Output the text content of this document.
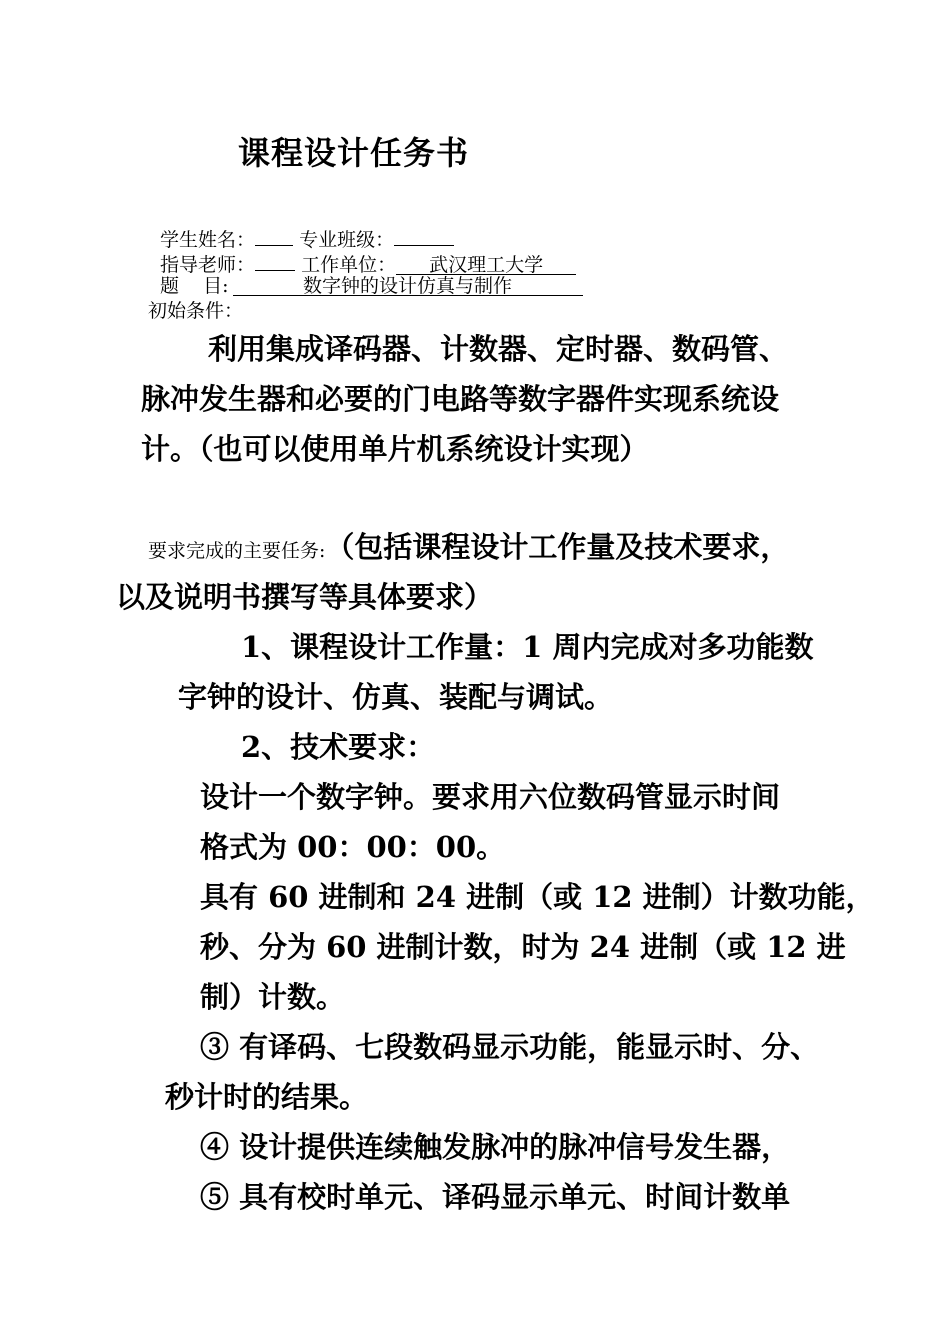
课程设计任务书
学生姓名： 专业班级：
指导老师： 工作单位： 武汉理工大学
题    目:	数字钟的设计仿真与制作
初始条件：
利用集成译码器、计数器、定时器、数码管、
脉冲发生器和必要的门电路等数字器件实现系统设
计。（也可以使用单片机系统设计实现）
要求完成的主要任务:（包括课程设计工作量及技术要求，
以及说明书撰写等具体要求）
1、课程设计工作量：1 周内完成对多功能数
字钟的设计、仿真、装配与调试。
2、技术要求：
设计一个数字钟。要求用六位数码管显示时间
格式为 00：00：00。
具有 60 进制和 24 进制（或 12 进制）计数功能，
秒、分为 60 进制计数，时为 24 进制（或 12 进
制）计数。
③ 有译码、七段数码显示功能，能显示时、分、
秒计时的结果。
④ 设计提供连续触发脉冲的脉冲信号发生器，
⑤ 具有校时单元、译码显示单元、时间计数单
